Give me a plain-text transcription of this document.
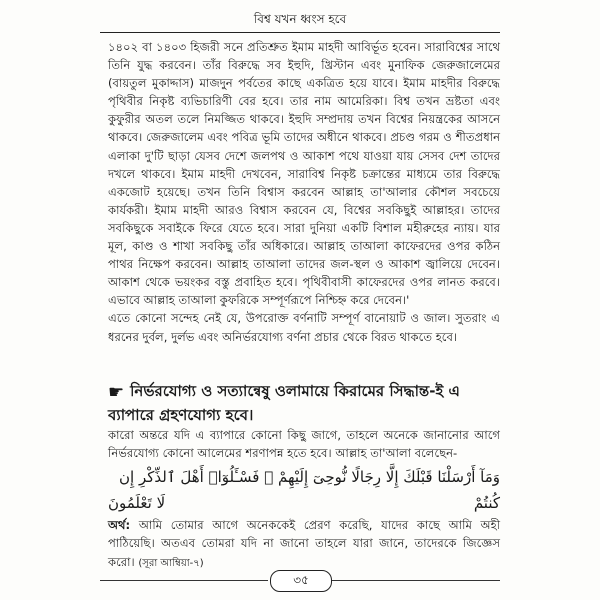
বিশ্ব যখন ধ্বংস হবে

১৪০২ বা ১৪০৩ হিজরী সনে প্রতিশ্রুত ইমাম মাহদী আবির্ভূত হবেন। সারাবিশ্বের সাথে তিনি যুদ্ধ করবেন। তাঁর বিরুদ্ধে সব ইহুদি, খ্রিস্টান এবং মুনাফিক জেরুজালেমের (বায়তুল মুকাদ্দাস) মাজদুন পর্বতের কাছে একত্রিত হয়ে যাবে। ইমাম মাহদীর বিরুদ্ধে পৃথিবীর নিকৃষ্ট ব্যভিচারিণী বের হবে। তার নাম আমেরিকা। বিশ্ব তখন ভ্রষ্টতা এবং কুফুরীর অতল তলে নিমজ্জিত থাকবে। ইহুদি সম্প্রদায় তখন বিশ্বের নিয়ন্ত্রকের আসনে থাকবে। জেরুজালেম এবং পবিত্র ভূমি তাদের অধীনে থাকবে। প্রচণ্ড গরম ও শীতপ্রধান এলাকা দু'টি ছাড়া যেসব দেশে জলপথ ও আকাশ পথে যাওয়া যায় সেসব দেশ তাদের দখলে থাকবে। ইমাম মাহদী দেখবেন, সারাবিশ্ব নিকৃষ্ট চক্রান্তের মাধ্যমে তার বিরুদ্ধে একজোট হয়েছে। তখন তিনি বিশ্বাস করবেন আল্লাহ তা'আলার কৌশল সবচেয়ে কার্যকরী। ইমাম মাহদী আরও বিশ্বাস করবেন যে, বিশ্বের সবকিছুই আল্লাহর। তাদের সবকিছুকে সবাইকে ফিরে যেতে হবে। সারা দুনিয়া একটি বিশাল মহীরুহের ন্যায়। যার মূল, কাণ্ড ও শাখা সবকিছু তাঁর অধিকারে। আল্লাহ তাআলা কাফেরদের ওপর কঠিন পাথর নিক্ষেপ করবেন। আল্লাহ তাআলা তাদের জল-স্থল ও আকাশ জ্বালিয়ে দেবেন। আকাশ থেকে ভয়ংকর বস্তু প্রবাহিত হবে। পৃথিবীবাসী কাফেরদের ওপর লানত করবে। এভাবে আল্লাহ তাআলা কুফরিকে সম্পূর্ণরূপে নিশ্চিহ্ন করে দেবেন।'

এতে কোনো সন্দেহ নেই যে, উপরোক্ত বর্ণনাটি সম্পূর্ণ বানোয়াট ও জাল। সুতরাং এ ধরনের দুর্বল, দুর্লভ এবং অনির্ভরযোগ্য বর্ণনা প্রচার থেকে বিরত থাকতে হবে।

☛ নির্ভরযোগ্য ও সত্যান্বেষু ওলামায়ে কিরামের সিদ্ধান্ত-ই এ ব্যাপারে গ্রহণযোগ্য হবে।

কারো অন্তরে যদি এ ব্যাপারে কোনো কিছু জাগে, তাহলে অনেকে জানানোর আগে নির্ভরযোগ্য কোনো আলেমের শরণাপন্ন হতে হবে। আল্লাহ তা'আলা বলেছেন-

وَمَآ أَرْسَلْنَا قَبْلَكَ إِلَّا رِجَالًا نُّوحِىٓ إِلَيْهِمْ ۖ فَسْـَٔلُوٓا۟ أَهْلَ ٱلذِّكْرِ إِن كُنتُمْ
لَا تَعْلَمُونَ
অর্থ: আমি তোমার আগে অনেককেই প্রেরণ করেছি, যাদের কাছে আমি অহী পাঠিয়েছি। অতএব তোমরা যদি না জানো তাহলে যারা জানে, তাদেরকে জিজ্ঞেস করো। (সূরা আম্বিয়া-৭)
৩৫
